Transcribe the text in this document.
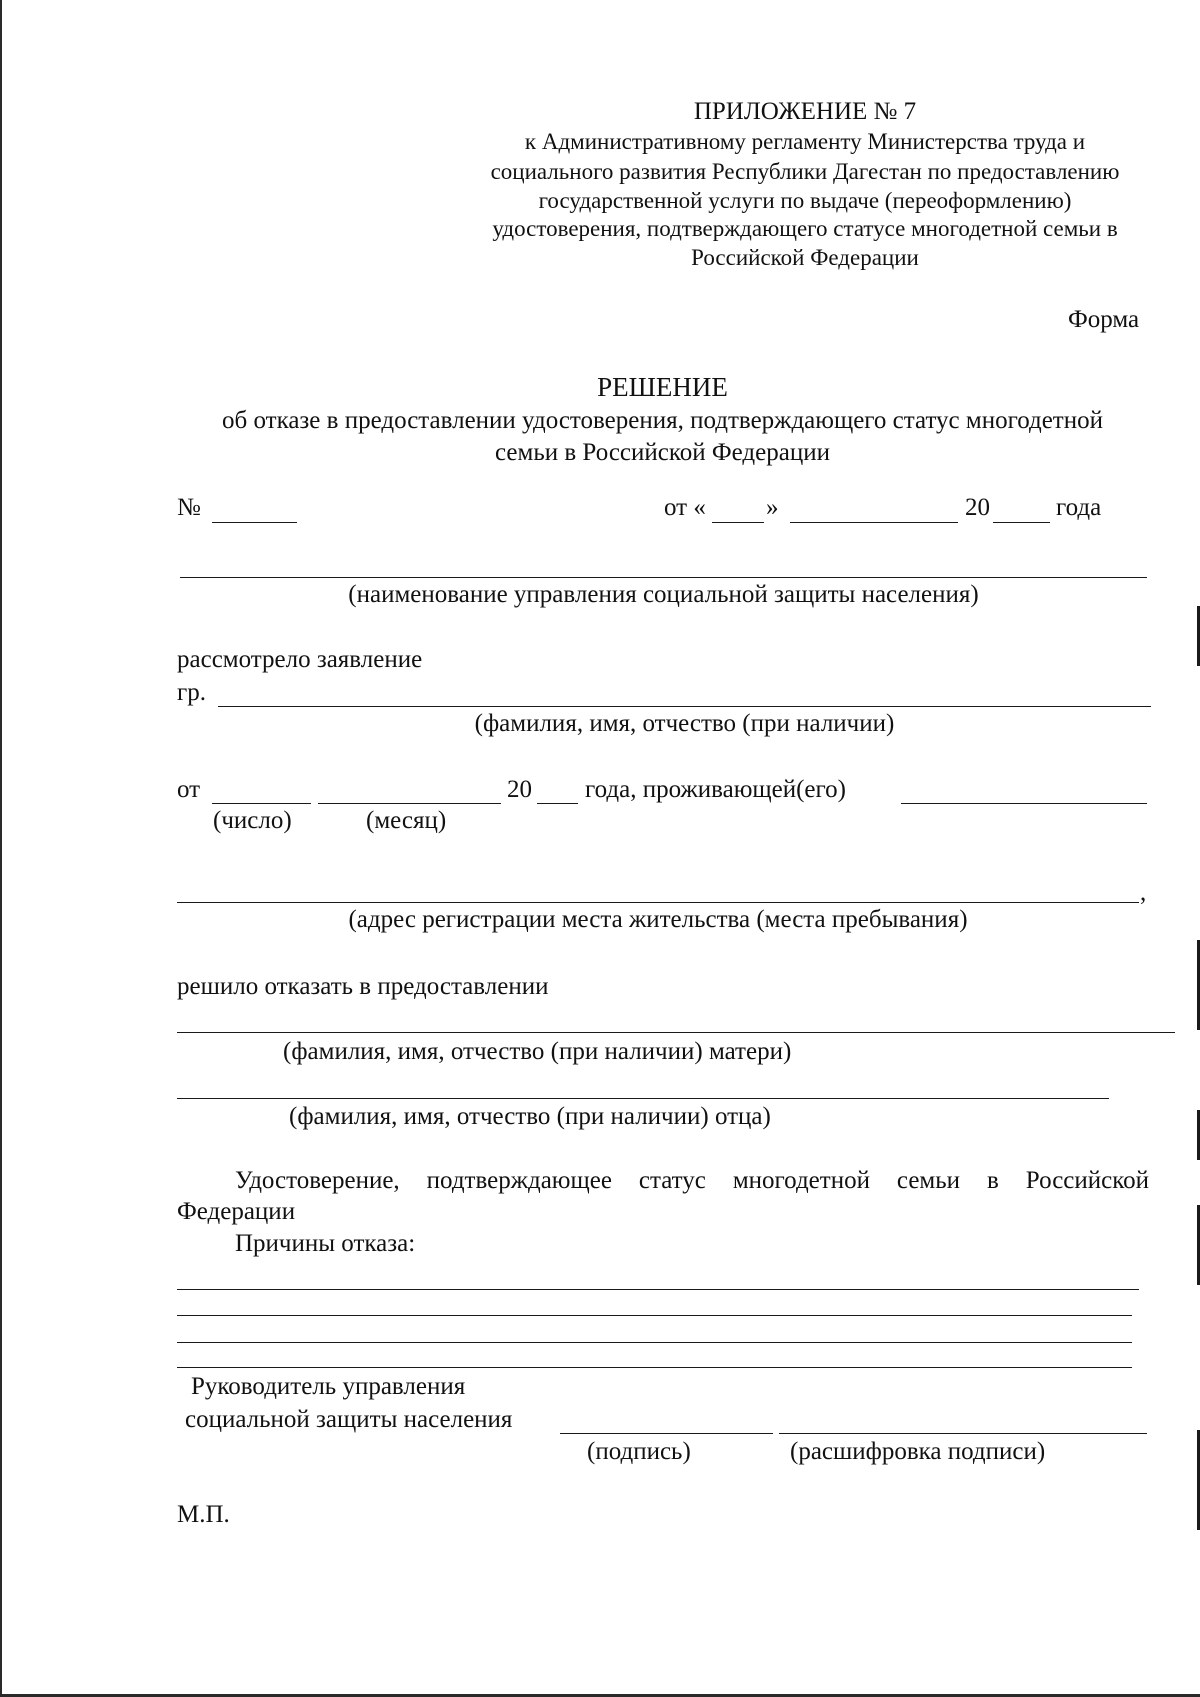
ПРИЛОЖЕНИЕ № 7
к Административному регламенту Министерства труда и
социального развития Республики Дагестан по предоставлению
государственной услуги по выдаче (переоформлению)
удостоверения, подтверждающего статусе многодетной семьи в
Российской Федерации
Форма
РЕШЕНИЕ
об отказе в предоставлении удостоверения, подтверждающего статус многодетной
семьи в Российской Федерации
№	от « »	20	года
(наименование управления социальной защиты населения)
рассмотрело заявление
гр.
(фамилия, имя, отчество (при наличии)
от	20 года, проживающей(его)
(число)	(месяц)
,
(адрес регистрации места жительства (места пребывания)
решило отказать в предоставлении
(фамилия, имя, отчество (при наличии) матери)
(фамилия, имя, отчество (при наличии) отца)
Удостоверение, подтверждающее статус многодетной семьи в Российской
Федерации
Причины отказа:
Руководитель управления
социальной защиты населения
(подпись)	(расшифровка подписи)
М.П.
